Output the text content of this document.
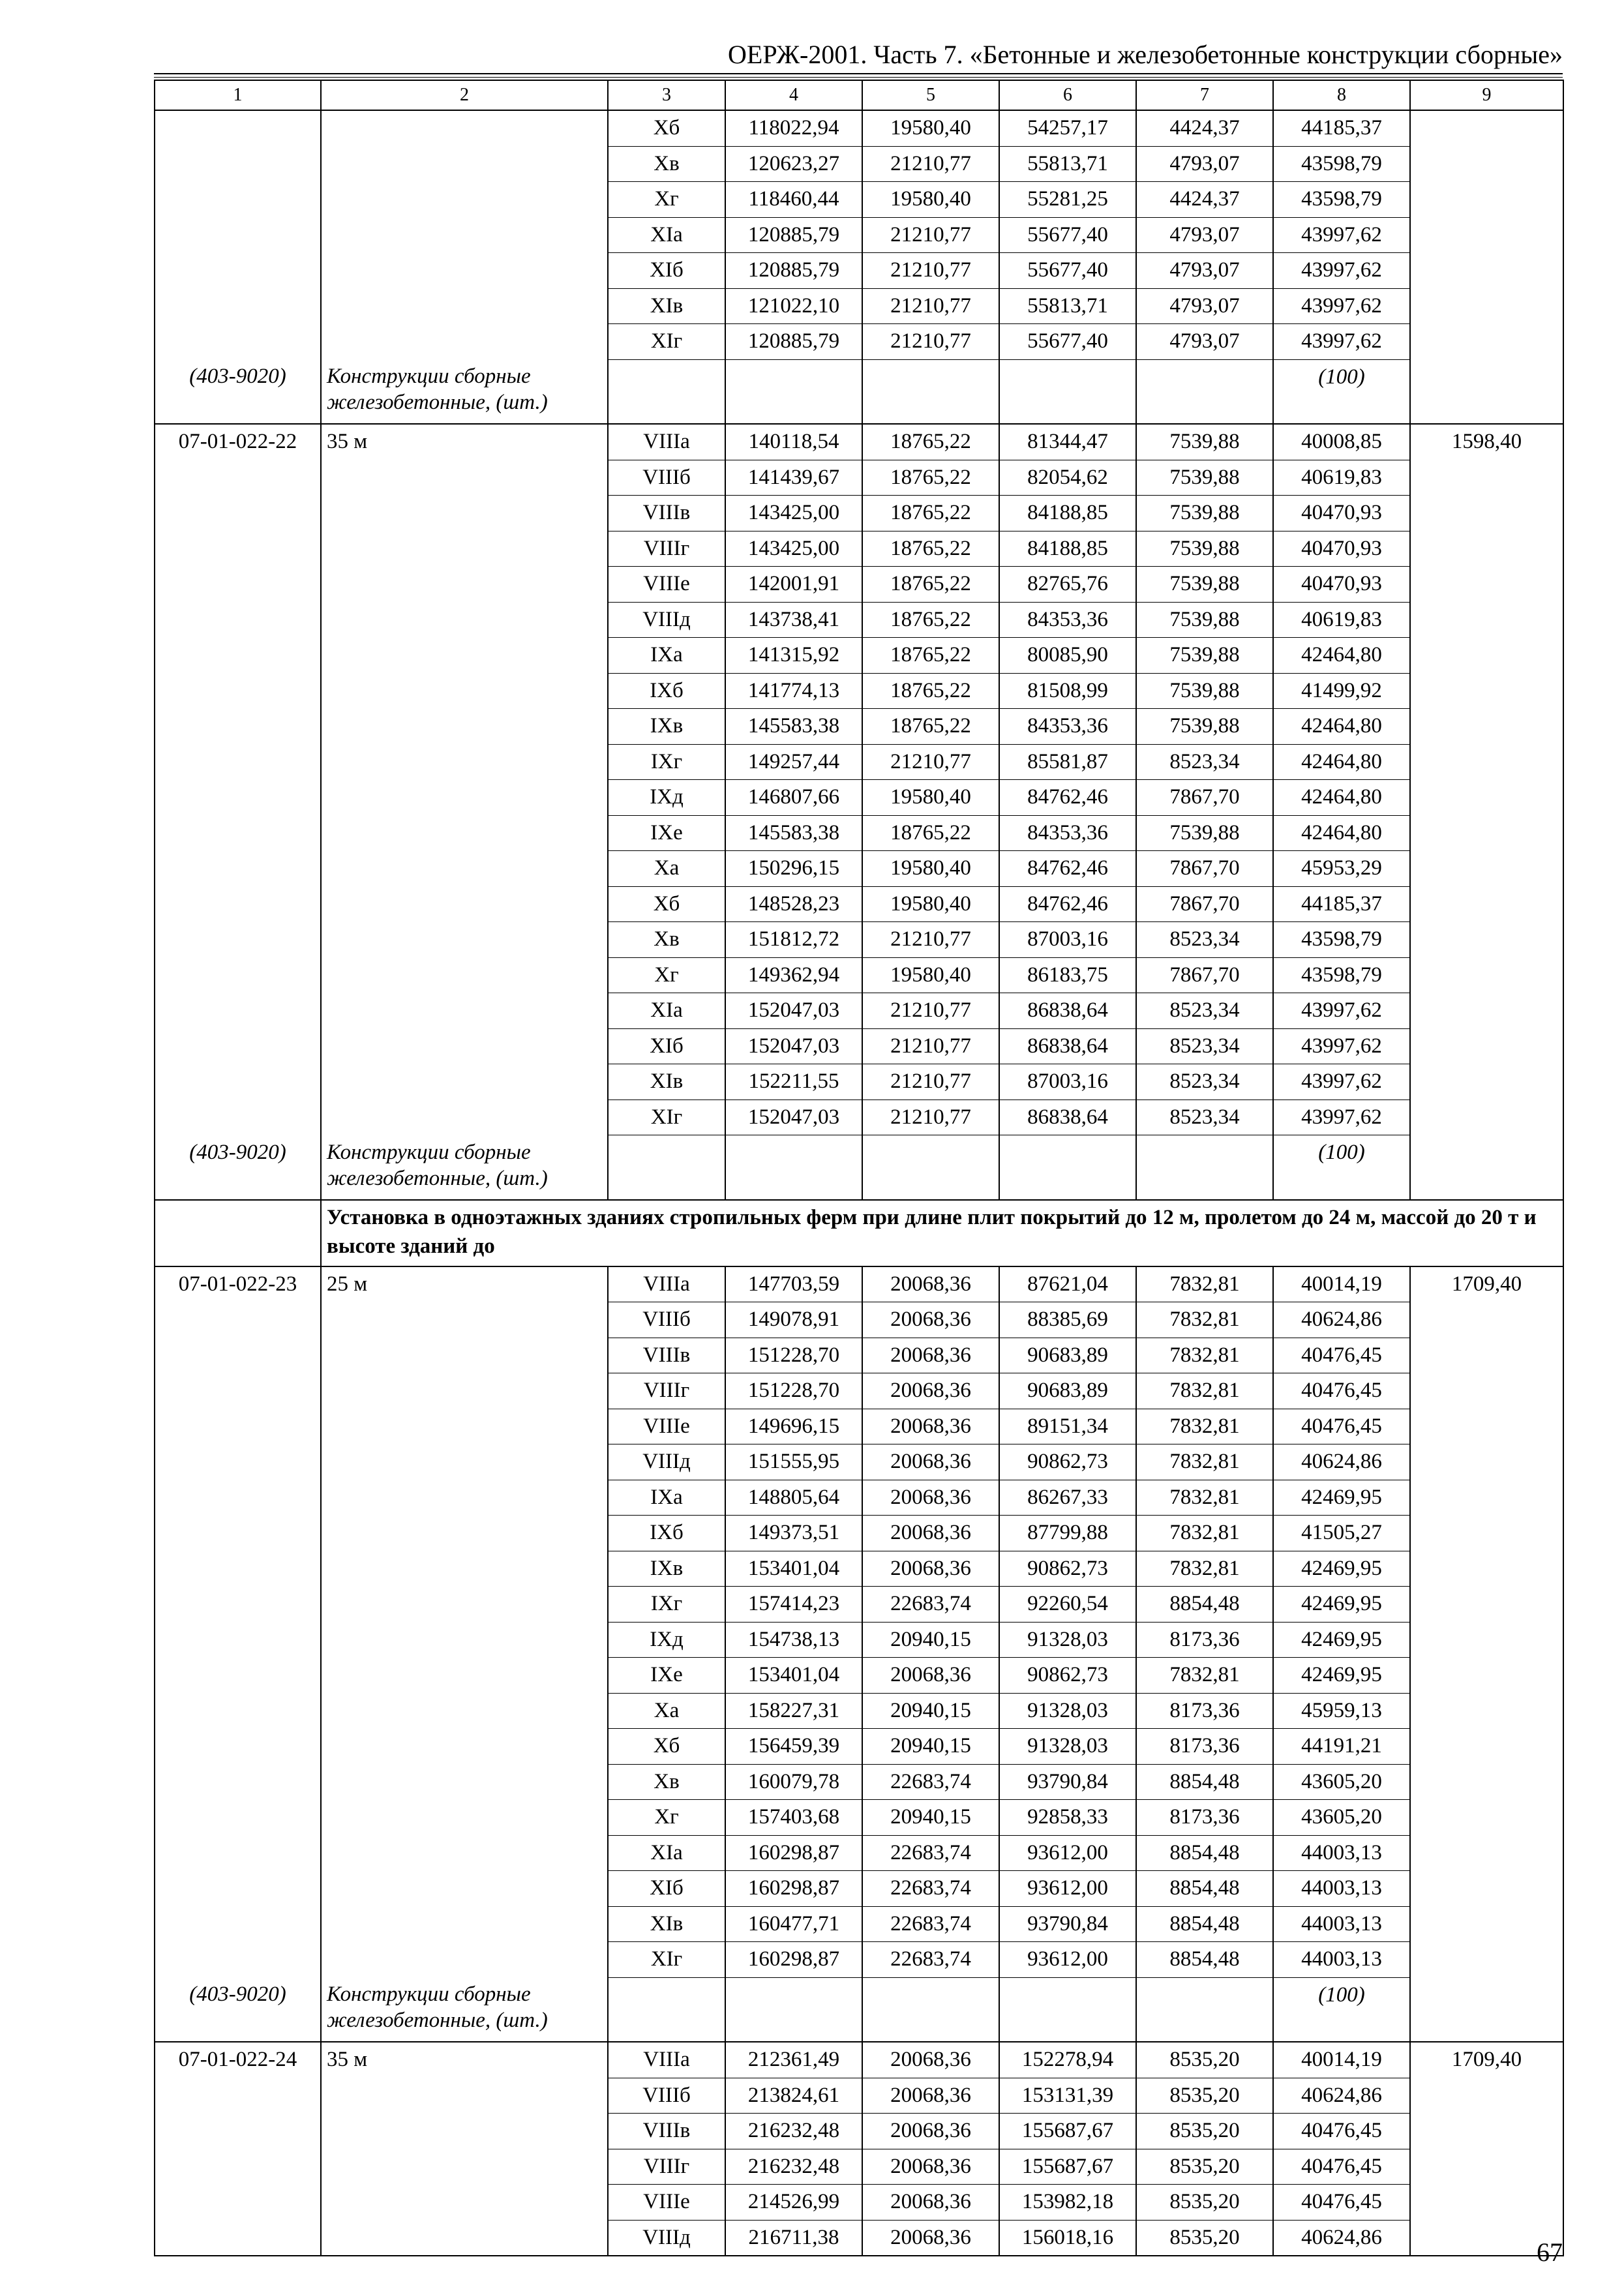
ОЕРЖ-2001. Часть 7. «Бетонные и железобетонные конструкции сборные»
1	2	3	4	5	6	7	8	9
		Хб	118022,94	19580,40	54257,17	4424,37	44185,37	
		Хв	120623,27	21210,77	55813,71	4793,07	43598,79	
		Хг	118460,44	19580,40	55281,25	4424,37	43598,79	
		XIа	120885,79	21210,77	55677,40	4793,07	43997,62	
		XIб	120885,79	21210,77	55677,40	4793,07	43997,62	
		XIв	121022,10	21210,77	55813,71	4793,07	43997,62	
		XIг	120885,79	21210,77	55677,40	4793,07	43997,62	
(403-9020)	Конструкции сборные железобетонные, (шт.)						(100)	
07-01-022-22	35 м	VIIIа	140118,54	18765,22	81344,47	7539,88	40008,85	1598,40
		VIIIб	141439,67	18765,22	82054,62	7539,88	40619,83	
		VIIIв	143425,00	18765,22	84188,85	7539,88	40470,93	
		VIIIг	143425,00	18765,22	84188,85	7539,88	40470,93	
		VIIIе	142001,91	18765,22	82765,76	7539,88	40470,93	
		VIIIд	143738,41	18765,22	84353,36	7539,88	40619,83	
		IXа	141315,92	18765,22	80085,90	7539,88	42464,80	
		IXб	141774,13	18765,22	81508,99	7539,88	41499,92	
		IXв	145583,38	18765,22	84353,36	7539,88	42464,80	
		IXг	149257,44	21210,77	85581,87	8523,34	42464,80	
		IXд	146807,66	19580,40	84762,46	7867,70	42464,80	
		IXе	145583,38	18765,22	84353,36	7539,88	42464,80	
		Ха	150296,15	19580,40	84762,46	7867,70	45953,29	
		Хб	148528,23	19580,40	84762,46	7867,70	44185,37	
		Хв	151812,72	21210,77	87003,16	8523,34	43598,79	
		Хг	149362,94	19580,40	86183,75	7867,70	43598,79	
		XIа	152047,03	21210,77	86838,64	8523,34	43997,62	
		XIб	152047,03	21210,77	86838,64	8523,34	43997,62	
		XIв	152211,55	21210,77	87003,16	8523,34	43997,62	
		XIг	152047,03	21210,77	86838,64	8523,34	43997,62	
(403-9020)	Конструкции сборные железобетонные, (шт.)						(100)	
	Установка в одноэтажных зданиях стропильных ферм при длине плит покрытий до 12 м, пролетом до 24 м, массой до 20 т и высоте зданий до							
07-01-022-23	25 м	VIIIа	147703,59	20068,36	87621,04	7832,81	40014,19	1709,40
		VIIIб	149078,91	20068,36	88385,69	7832,81	40624,86	
		VIIIв	151228,70	20068,36	90683,89	7832,81	40476,45	
		VIIIг	151228,70	20068,36	90683,89	7832,81	40476,45	
		VIIIе	149696,15	20068,36	89151,34	7832,81	40476,45	
		VIIIд	151555,95	20068,36	90862,73	7832,81	40624,86	
		IXа	148805,64	20068,36	86267,33	7832,81	42469,95	
		IXб	149373,51	20068,36	87799,88	7832,81	41505,27	
		IXв	153401,04	20068,36	90862,73	7832,81	42469,95	
		IXг	157414,23	22683,74	92260,54	8854,48	42469,95	
		IXд	154738,13	20940,15	91328,03	8173,36	42469,95	
		IXе	153401,04	20068,36	90862,73	7832,81	42469,95	
		Ха	158227,31	20940,15	91328,03	8173,36	45959,13	
		Хб	156459,39	20940,15	91328,03	8173,36	44191,21	
		Хв	160079,78	22683,74	93790,84	8854,48	43605,20	
		Хг	157403,68	20940,15	92858,33	8173,36	43605,20	
		XIа	160298,87	22683,74	93612,00	8854,48	44003,13	
		XIб	160298,87	22683,74	93612,00	8854,48	44003,13	
		XIв	160477,71	22683,74	93790,84	8854,48	44003,13	
		XIг	160298,87	22683,74	93612,00	8854,48	44003,13	
(403-9020)	Конструкции сборные железобетонные, (шт.)						(100)	
07-01-022-24	35 м	VIIIа	212361,49	20068,36	152278,94	8535,20	40014,19	1709,40
		VIIIб	213824,61	20068,36	153131,39	8535,20	40624,86	
		VIIIв	216232,48	20068,36	155687,67	8535,20	40476,45	
		VIIIг	216232,48	20068,36	155687,67	8535,20	40476,45	
		VIIIе	214526,99	20068,36	153982,18	8535,20	40476,45	
		VIIIд	216711,38	20068,36	156018,16	8535,20	40624,86	
67
